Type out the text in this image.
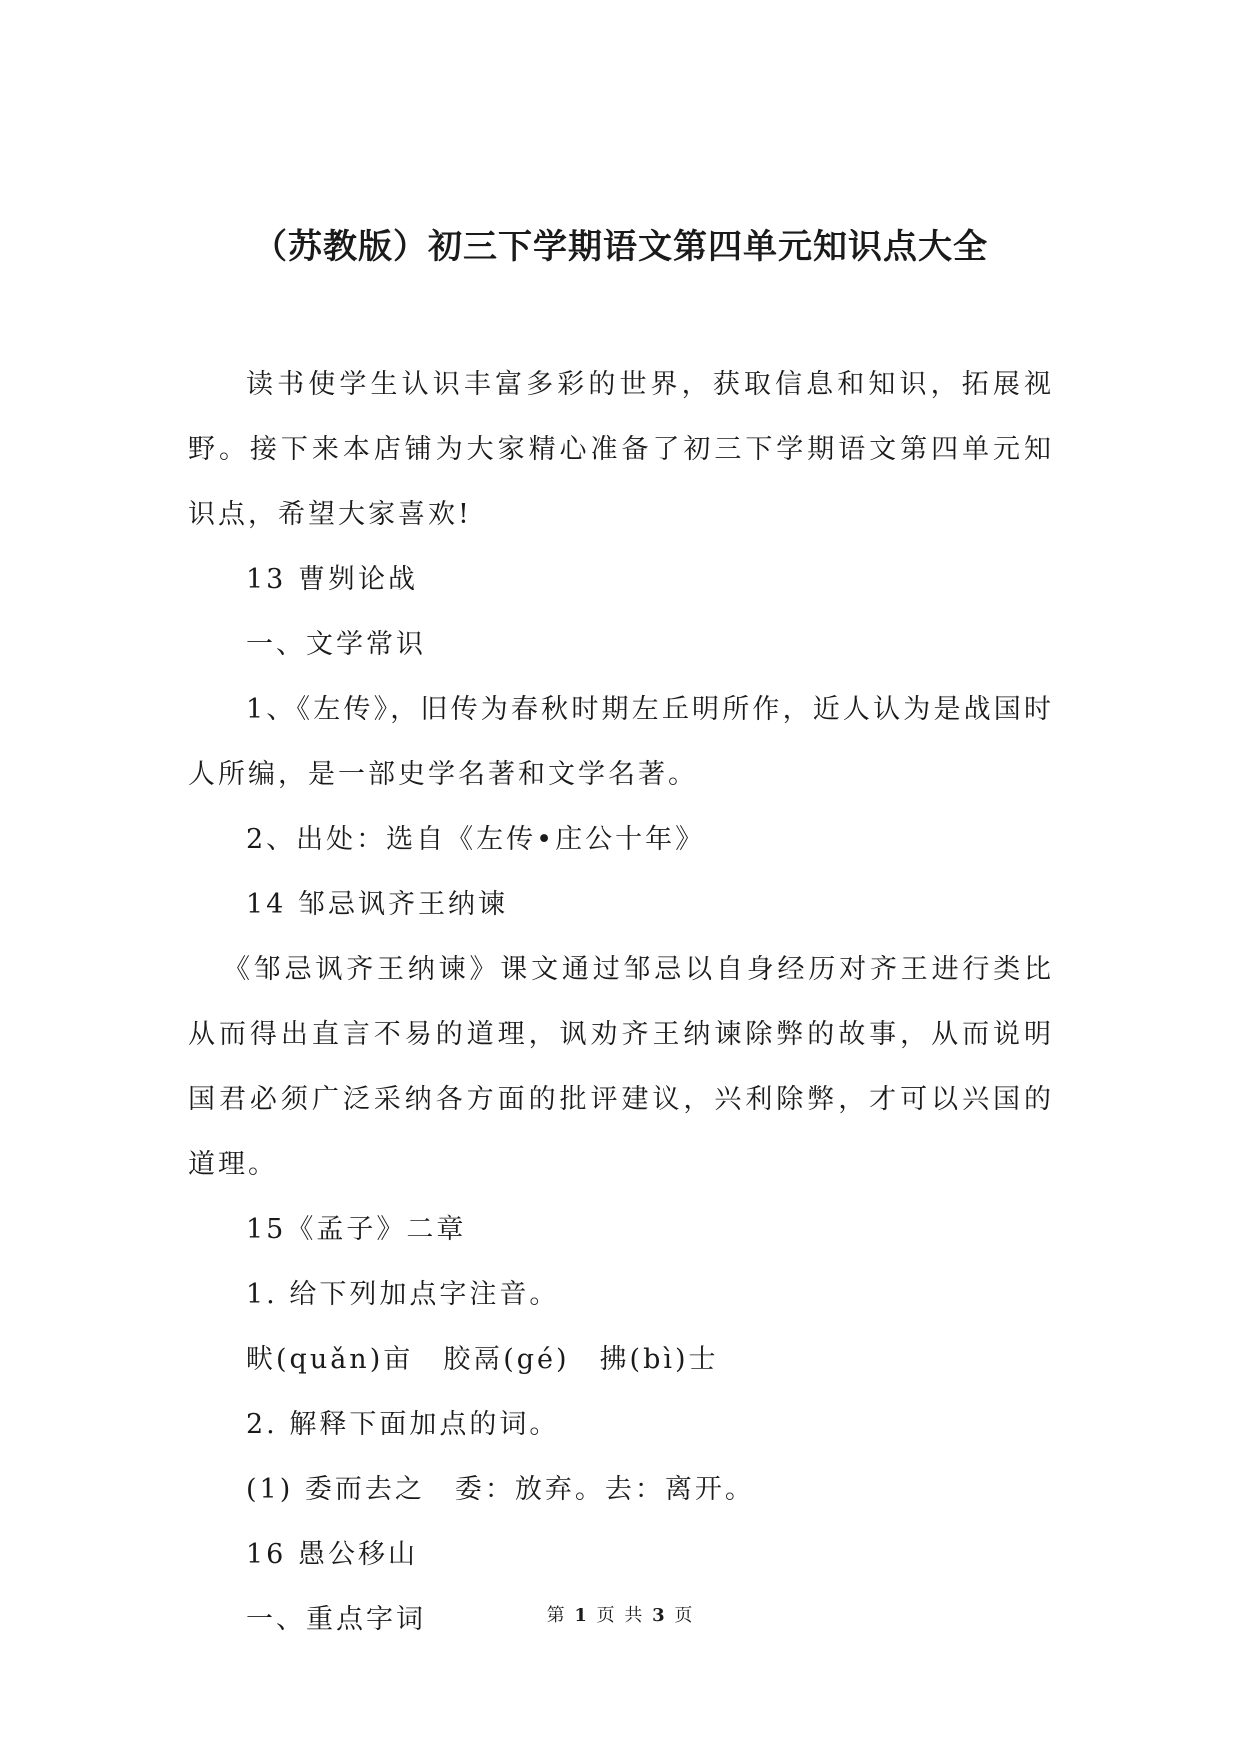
（苏教版）初三下学期语文第四单元知识点大全

读书使学生认识丰富多彩的世界，获取信息和知识，拓展视野。接下来本店铺为大家精心准备了初三下学期语文第四单元知识点，希望大家喜欢!

13 曹刿论战

一、文学常识

1、《左传》，旧传为春秋时期左丘明所作，近人认为是战国时人所编，是一部史学名著和文学名著。

2、出处：选自《左传•庄公十年》

14 邹忌讽齐王纳谏

《邹忌讽齐王纳谏》课文通过邹忌以自身经历对齐王进行类比从而得出直言不易的道理，讽劝齐王纳谏除弊的故事，从而说明国君必须广泛采纳各方面的批评建议，兴利除弊，才可以兴国的道理。

15《孟子》二章

1. 给下列加点字注音。

畎(quǎn)亩　胶鬲(gé)　拂(bì)士

2. 解释下面加点的词。

(1) 委而去之　委：放弃。去：离开。

16 愚公移山

一、重点字词	第 1 页 共 3 页
